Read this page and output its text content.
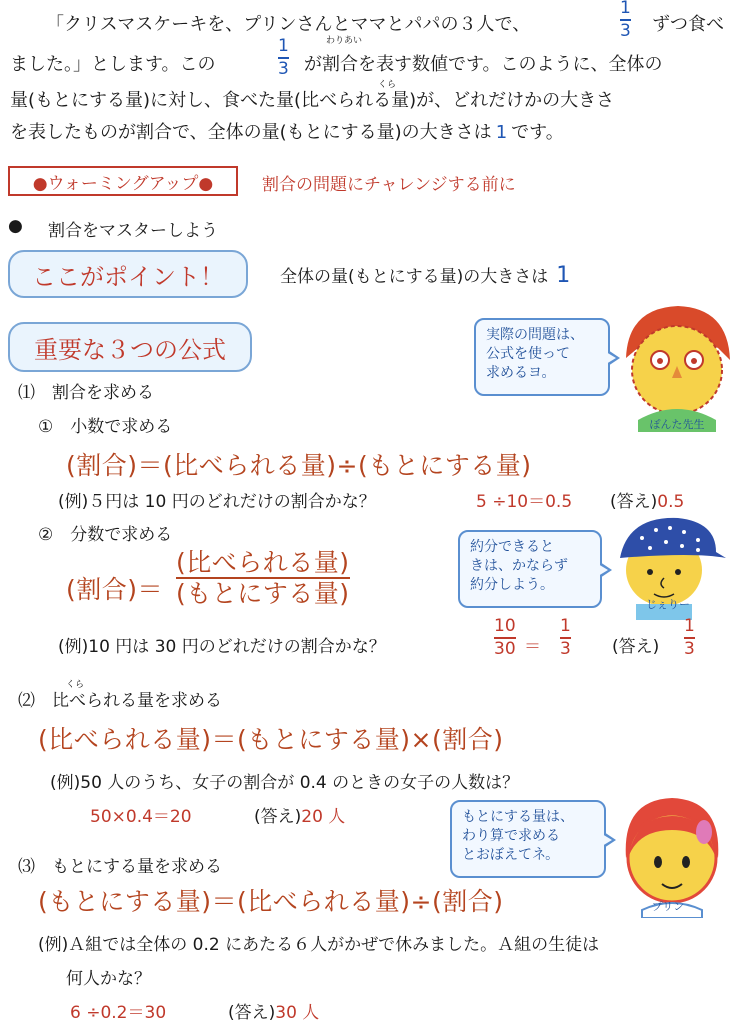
「クリスマスケーキを、プリンさんとママとパパの３人で、
1
3 ずつ食べ
ました。」とします。この
1
3
わりあい
が割合を表す数値です。このように、全体の
くら
量(もとにする量)に対し、食べた量(比べられる量)が、どれだけかの大きさ
を表したものが割合で、全体の量(もとにする量)の大きさは 1 です。
●ウォーミングアップ●	割合の問題にチャレンジする前に
● 割合をマスターしよう
ここがポイント！	全体の量(もとにする量)の大きさは 1
重要な３つの公式
実際の問題は、
公式を使って
求めるヨ。
ぽんた先生
⑴　割合を求める
①　小数で求める
(割合)＝(比べられる量)÷(もとにする量)
(例)５円は 10 円のどれだけの割合かな？	5 ÷10＝0.5 (答え)0.5
②　分数で求める
(割合)＝
(比べられる量)
(もとにする量)
約分できると
きは、かならず
約分しよう。
じぇりー
(例)10 円は 30 円のどれだけの割合かな？
10
30 ＝
1
3 (答え)
1
3
くら
⑵　比べられる量を求める
(比べられる量)＝(もとにする量)×(割合)
(例)50 人のうち、女子の割合が 0.4 のときの女子の人数は？
50×0.4＝20	(答え)20 人	もとにする量は、
わり算で求める
とおぼえてネ。
プリン
⑶　もとにする量を求める
(もとにする量)＝(比べられる量)÷(割合)
(例)Ａ組では全体の 0.2 にあたる６人がかぜで休みました。Ａ組の生徒は
何人かな？
6 ÷0.2＝30	(答え)30 人
